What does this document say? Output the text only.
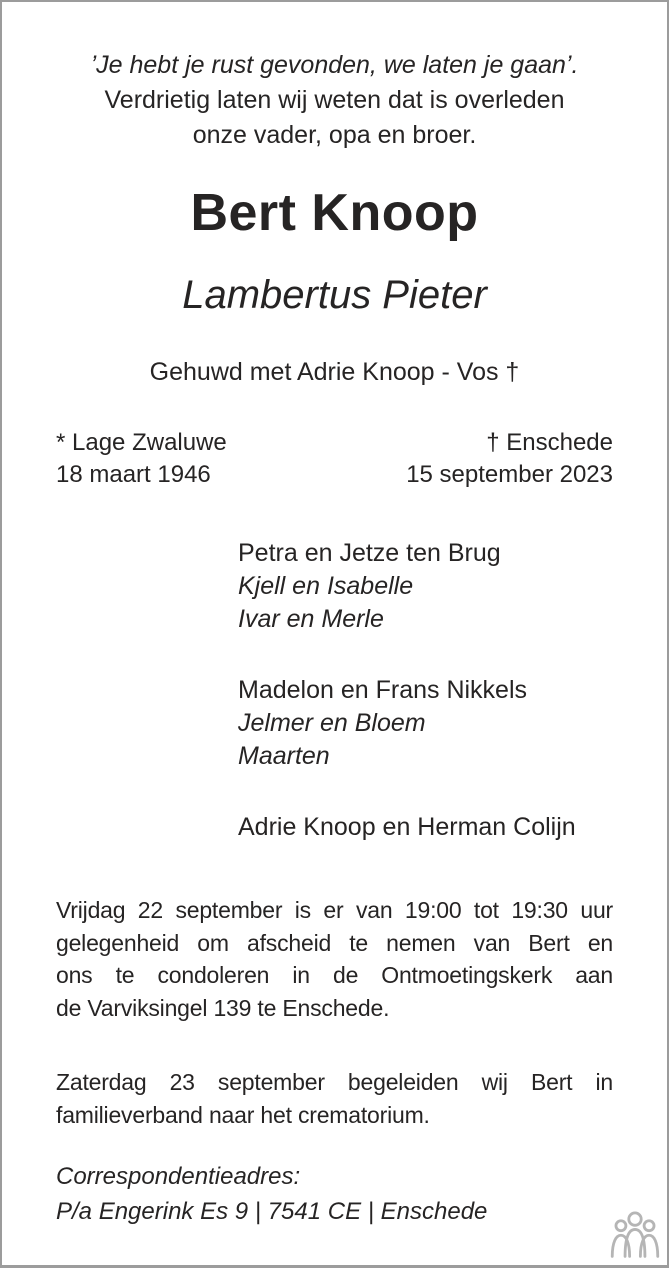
’Je hebt je rust gevonden, we laten je gaan’.
Verdrietig laten wij weten dat is overleden
onze vader, opa en broer.
Bert Knoop
Lambertus Pieter
Gehuwd met Adrie Knoop - Vos †
* Lage Zwaluwe
18 maart 1946
† Enschede
15 september 2023
Petra en Jetze ten Brug
Kjell en Isabelle
Ivar en Merle
Madelon en Frans Nikkels
Jelmer en Bloem
Maarten
Adrie Knoop en Herman Colijn
Vrijdag 22 september is er van 19:00 tot 19:30 uur
gelegenheid om afscheid te nemen van Bert en
ons te condoleren in de Ontmoetingskerk aan
de Varviksingel 139 te Enschede.
Zaterdag 23 september begeleiden wij Bert in
familieverband naar het crematorium.
Correspondentieadres:
P/a Engerink Es 9 | 7541 CE | Enschede
